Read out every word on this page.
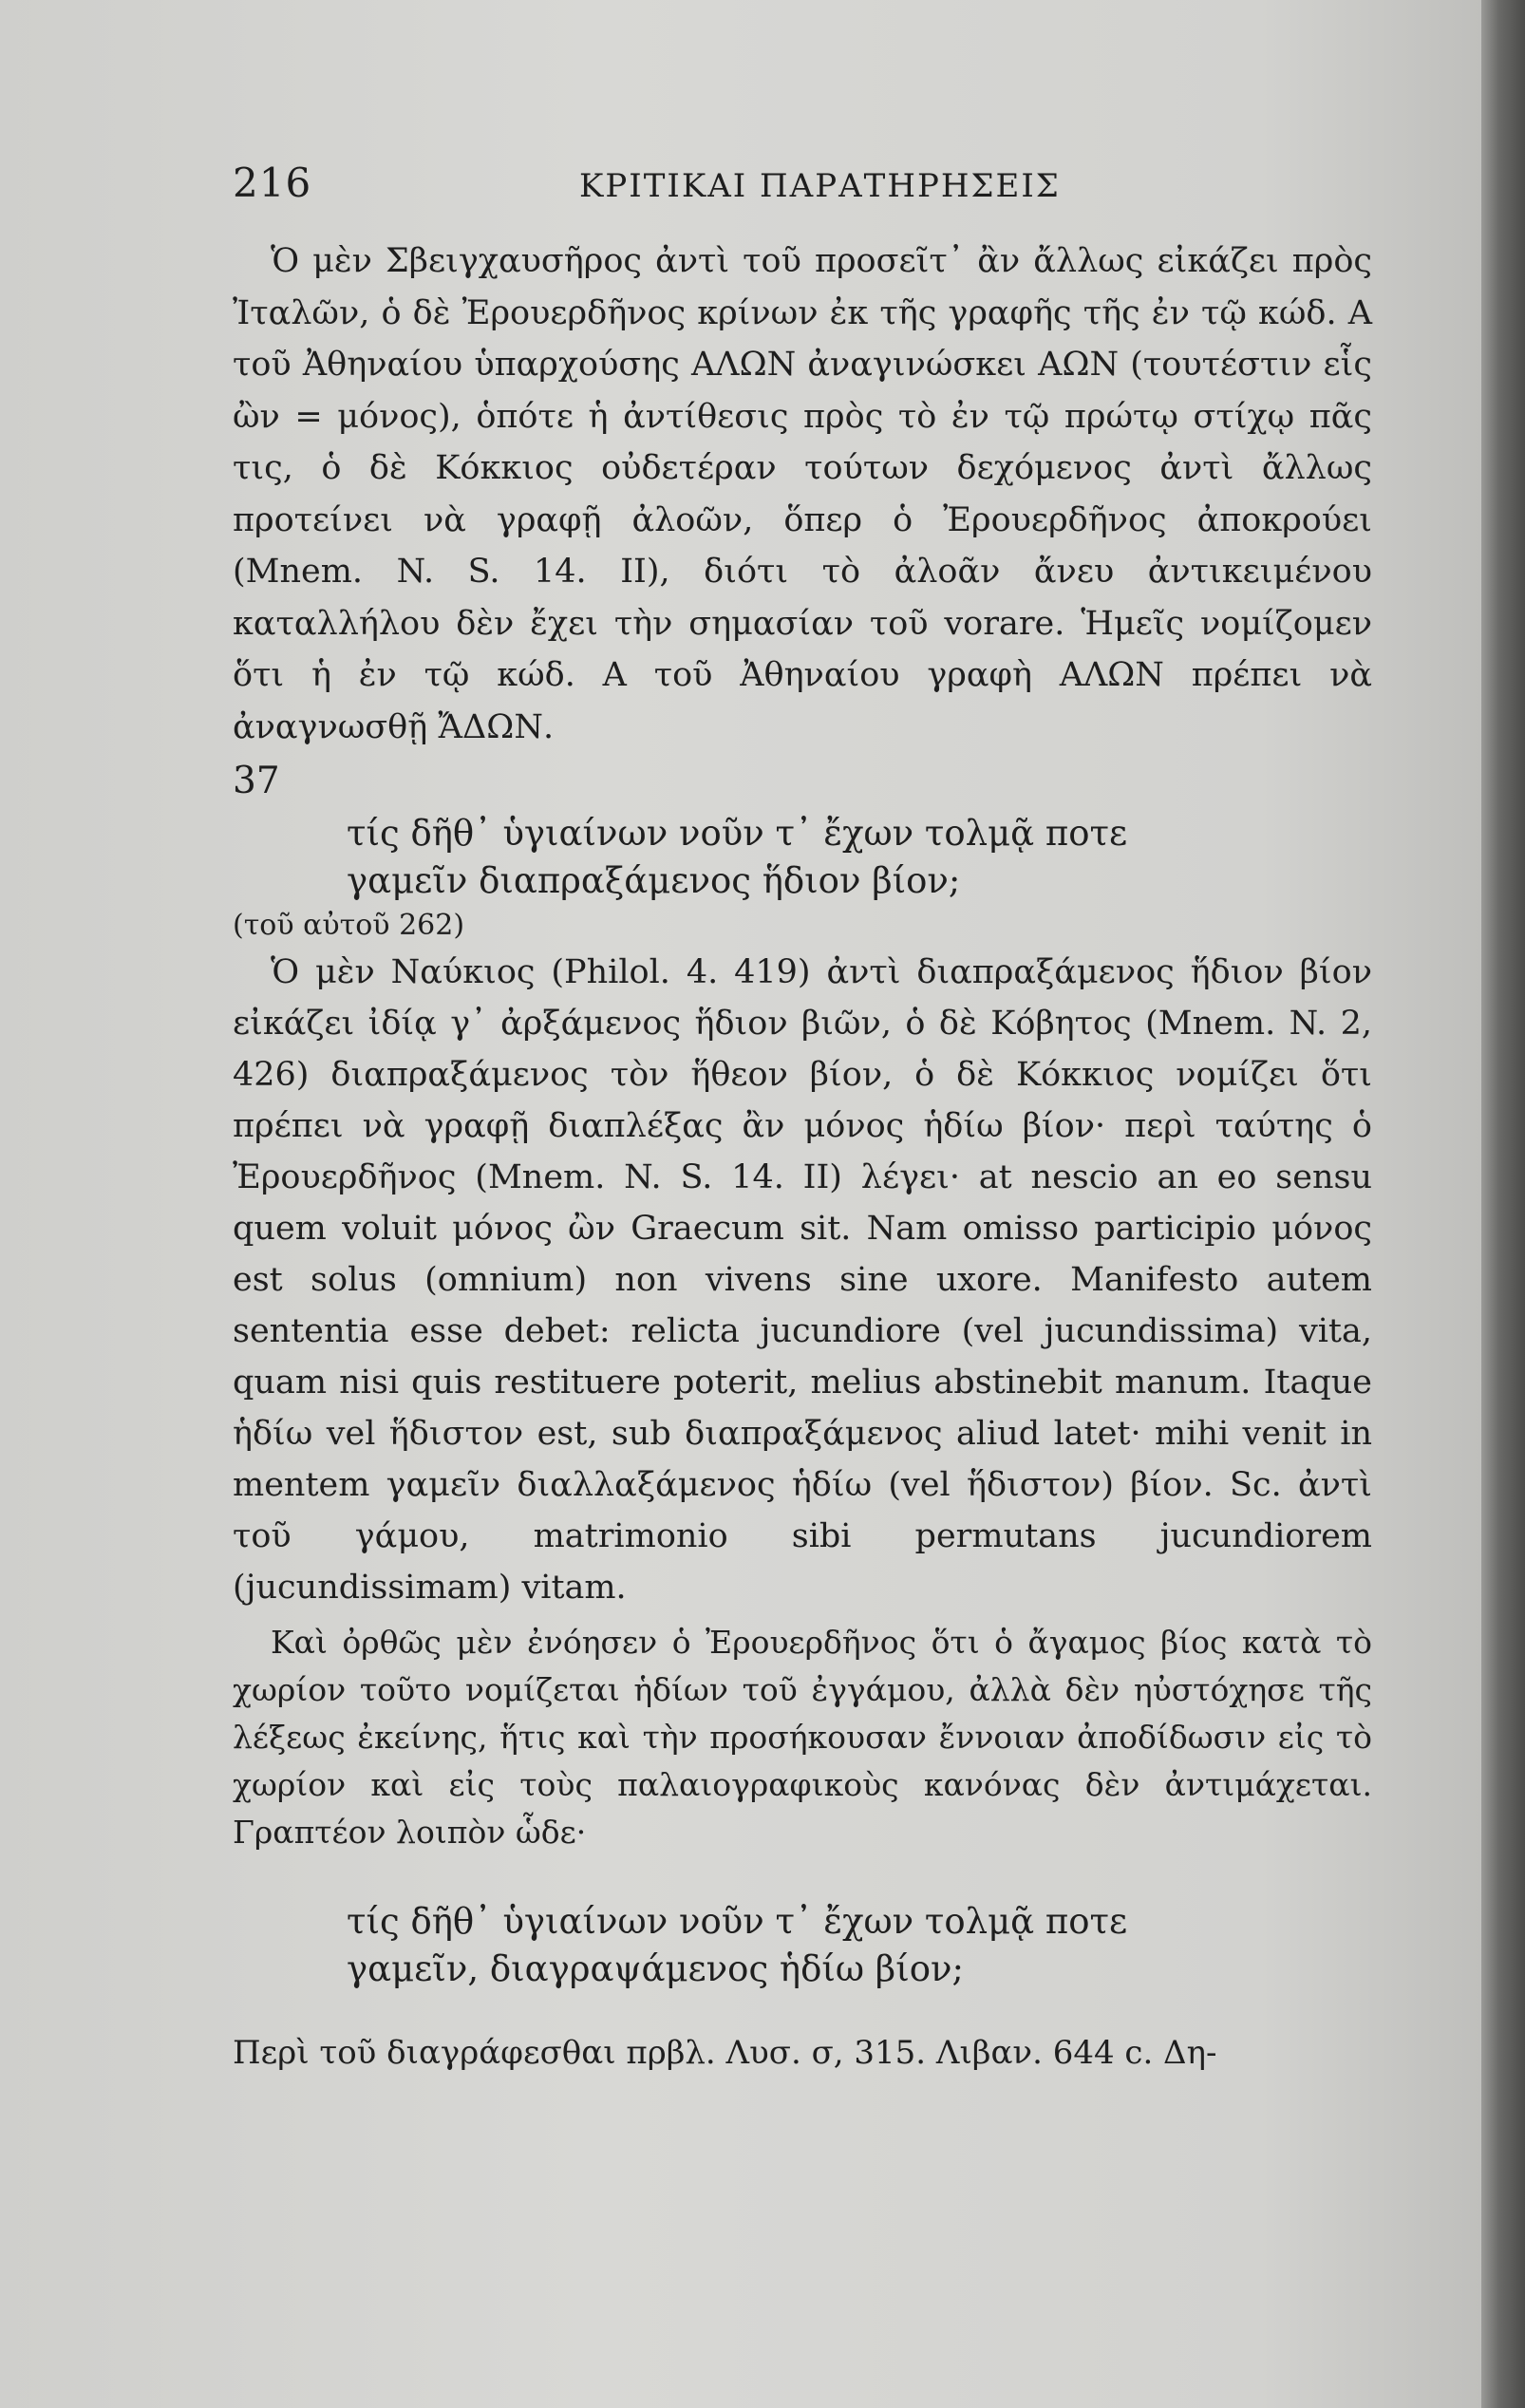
216	ΚΡΙΤΙΚΑΙ ΠΑΡΑΤΗΡΗΣΕΙΣ

Ὁ μὲν Σβειγχαυσῆρος ἀντὶ τοῦ προσεῖτ᾽ ἂν ἄλλως εἰκάζει πρὸς Ἰταλῶν, ὁ δὲ Ἐρουερδῆνος κρίνων ἐκ τῆς γραφῆς τῆς ἐν τῷ κώδ. Α τοῦ Ἀθηναίου ὑπαρχούσης ΑΛΩΝ ἀναγινώσκει ΑΩΝ (τουτέστιν εἷς ὢν = μόνος), ὁπότε ἡ ἀντίθεσις πρὸς τὸ ἐν τῷ πρώτῳ στίχῳ πᾶς τις, ὁ δὲ Κόκκιος οὐδετέραν τούτων δεχόμενος ἀντὶ ἄλλως προτείνει νὰ γραφῇ ἀλοῶν, ὅπερ ὁ Ἐρουερδῆνος ἀποκρούει (Mnem. N. S. 14. II), διότι τὸ ἀλοᾶν ἄνευ ἀντικειμένου καταλλήλου δὲν ἔχει τὴν σημασίαν τοῦ vorare. Ἡμεῖς νομίζομεν ὅτι ἡ ἐν τῷ κώδ. Α τοῦ Ἀθηναίου γραφὴ ΑΛΩΝ πρέπει νὰ ἀναγνωσθῇ ἌΔΩΝ.

37

τίς δῆθ᾽ ὑγιαίνων νοῦν τ᾽ ἔχων τολμᾷ ποτε
γαμεῖν διαπραξάμενος ἥδιον βίον;

(τοῦ αὐτοῦ 262)

Ὁ μὲν Ναύκιος (Philol. 4. 419) ἀντὶ διαπραξάμενος ἥδιον βίον εἰκάζει ἰδίᾳ γ᾽ ἀρξάμενος ἥδιον βιῶν, ὁ δὲ Κόβητος (Mnem. N. 2, 426) διαπραξάμενος τὸν ἥθεον βίον, ὁ δὲ Κόκκιος νομίζει ὅτι πρέπει νὰ γραφῇ διαπλέξας ἂν μόνος ἡδίω βίον· περὶ ταύτης ὁ Ἐρουερδῆνος (Mnem. N. S. 14. II) λέγει· at nescio an eo sensu quem voluit μόνος ὢν Graecum sit. Nam omisso participio μόνος est solus (omnium) non vivens sine uxore. Manifesto autem sententia esse debet: relicta jucundiore (vel jucundissima) vita, quam nisi quis restituere poterit, melius abstinebit manum. Itaque ἡδίω vel ἥδιστον est, sub διαπραξάμενος aliud latet· mihi venit in mentem γαμεῖν διαλλαξάμενος ἡδίω (vel ἥδιστον) βίον. Sc. ἀντὶ τοῦ γάμου, matrimonio sibi permutans jucundiorem (jucundissimam) vitam.

Καὶ ὀρθῶς μὲν ἐνόησεν ὁ Ἐρουερδῆνος ὅτι ὁ ἄγαμος βίος κατὰ τὸ χωρίον τοῦτο νομίζεται ἡδίων τοῦ ἐγγάμου, ἀλλὰ δὲν ηὐστόχησε τῆς λέξεως ἐκείνης, ἥτις καὶ τὴν προσήκουσαν ἔννοιαν ἀποδίδωσιν εἰς τὸ χωρίον καὶ εἰς τοὺς παλαιογραφικοὺς κανόνας δὲν ἀντιμάχεται. Γραπτέον λοιπὸν ὧδε·

τίς δῆθ᾽ ὑγιαίνων νοῦν τ᾽ ἔχων τολμᾷ ποτε
γαμεῖν, διαγραψάμενος ἡδίω βίον;

Περὶ τοῦ διαγράφεσθαι πρβλ. Λυσ. σ, 315. Λιβαν. 644 c. Δη-
